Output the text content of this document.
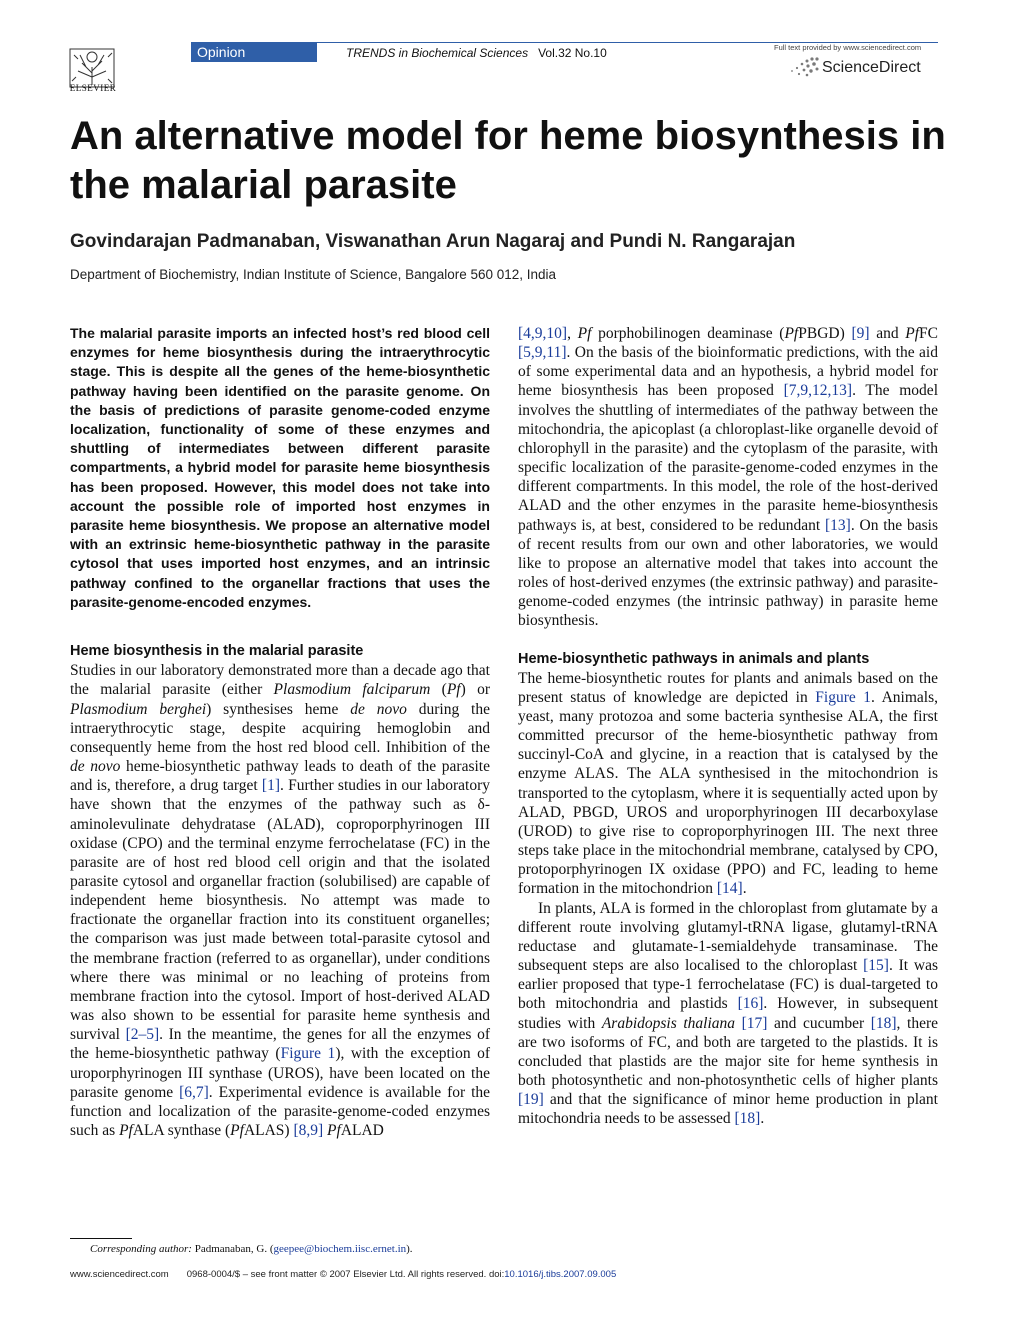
ELSEVIER
Opinion	TRENDS in Biochemical Sciences Vol.32 No.10	Full text provided by www.sciencedirect.com
ScienceDirect
An alternative model for heme biosynthesis in the malarial parasite
Govindarajan Padmanaban, Viswanathan Arun Nagaraj and Pundi N. Rangarajan
Department of Biochemistry, Indian Institute of Science, Bangalore 560 012, India

The malarial parasite imports an infected host’s red blood cell enzymes for heme biosynthesis during the intraerythrocytic stage. This is despite all the genes of the heme-biosynthetic pathway having been identified on the parasite genome. On the basis of predictions of parasite genome-coded enzyme localization, functionality of some of these enzymes and shuttling of intermediates between different parasite compartments, a hybrid model for parasite heme biosynthesis has been proposed. However, this model does not take into account the possible role of imported host enzymes in parasite heme biosynthesis. We propose an alternative model with an extrinsic heme-biosynthetic pathway in the parasite cytosol that uses imported host enzymes, and an intrinsic pathway confined to the organellar fractions that uses the parasite-genome-encoded enzymes.

Heme biosynthesis in the malarial parasite

Studies in our laboratory demonstrated more than a decade ago that the malarial parasite (either Plasmodium falciparum (Pf) or Plasmodium berghei) synthesises heme de novo during the intraerythrocytic stage, despite acquiring hemoglobin and consequently heme from the host red blood cell. Inhibition of the de novo heme-biosynthetic pathway leads to death of the parasite and is, therefore, a drug target [1]. Further studies in our laboratory have shown that the enzymes of the pathway such as δ-aminolevulinate dehydratase (ALAD), coproporphyrinogen III oxidase (CPO) and the terminal enzyme ferrochelatase (FC) in the parasite are of host red blood cell origin and that the isolated parasite cytosol and organellar fraction (solubilised) are capable of independent heme biosynthesis. No attempt was made to fractionate the organellar fraction into its constituent organelles; the comparison was just made between total-parasite cytosol and the membrane fraction (referred to as organellar), under conditions where there was minimal or no leaching of proteins from membrane fraction into the cytosol. Import of host-derived ALAD was also shown to be essential for parasite heme synthesis and survival [2–5]. In the meantime, the genes for all the enzymes of the heme-biosynthetic pathway (Figure 1), with the exception of uroporphyrinogen III synthase (UROS), have been located on the parasite genome [6,7]. Experimental evidence is available for the function and localization of the parasite-genome-coded enzymes such as PfALA synthase (PfALAS) [8,9] PfALAD

[4,9,10], Pf porphobilinogen deaminase (PfPBGD) [9] and PfFC [5,9,11]. On the basis of the bioinformatic predictions, with the aid of some experimental data and an hypothesis, a hybrid model for heme biosynthesis has been proposed [7,9,12,13]. The model involves the shuttling of intermediates of the pathway between the mitochondria, the apicoplast (a chloroplast-like organelle devoid of chlorophyll in the parasite) and the cytoplasm of the parasite, with specific localization of the parasite-genome-coded enzymes in the different compartments. In this model, the role of the host-derived ALAD and the other enzymes in the parasite heme-biosynthesis pathways is, at best, considered to be redundant [13]. On the basis of recent results from our own and other laboratories, we would like to propose an alternative model that takes into account the roles of host-derived enzymes (the extrinsic pathway) and parasite-genome-coded enzymes (the intrinsic pathway) in parasite heme biosynthesis.

Heme-biosynthetic pathways in animals and plants

The heme-biosynthetic routes for plants and animals based on the present status of knowledge are depicted in Figure 1. Animals, yeast, many protozoa and some bacteria synthesise ALA, the first committed precursor of the heme-biosynthetic pathway from succinyl-CoA and glycine, in a reaction that is catalysed by the enzyme ALAS. The ALA synthesised in the mitochondrion is transported to the cytoplasm, where it is sequentially acted upon by ALAD, PBGD, UROS and uroporphyrinogen III decarboxylase (UROD) to give rise to coproporphyrinogen III. The next three steps take place in the mitochondrial membrane, catalysed by CPO, protoporphyrinogen IX oxidase (PPO) and FC, leading to heme formation in the mitochondrion [14].

In plants, ALA is formed in the chloroplast from glutamate by a different route involving glutamyl-tRNA ligase, glutamyl-tRNA reductase and glutamate-1-semialdehyde transaminase. The subsequent steps are also localised to the chloroplast [15]. It was earlier proposed that type-1 ferrochelatase (FC) is dual-targeted to both mitochondria and plastids [16]. However, in subsequent studies with Arabidopsis thaliana [17] and cucumber [18], there are two isoforms of FC, and both are targeted to the plastids. It is concluded that plastids are the major site for heme synthesis in both photosynthetic and non-photosynthetic cells of higher plants [19] and that the significance of minor heme production in plant mitochondria needs to be assessed [18].

Corresponding author: Padmanaban, G. (geepee@biochem.iisc.ernet.in).
www.sciencedirect.com 0968-0004/$ – see front matter © 2007 Elsevier Ltd. All rights reserved. doi:10.1016/j.tibs.2007.09.005
